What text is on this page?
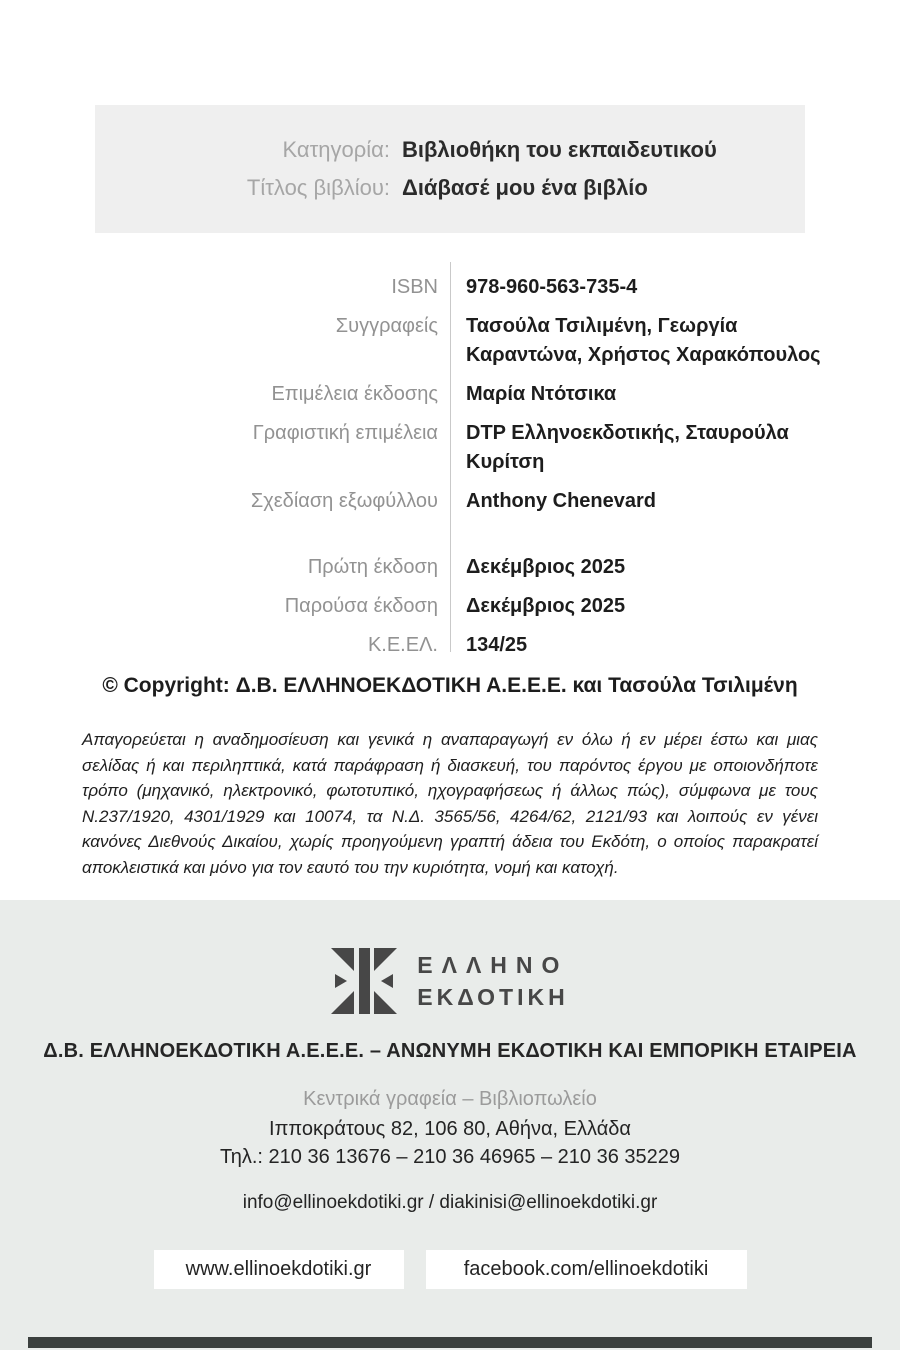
Κατηγορία: Βιβλιοθήκη του εκπαιδευτικού
Τίτλος βιβλίου: Διάβασέ μου ένα βιβλίο
ISBN 978-960-563-735-4
Συγγραφείς Τασούλα Τσιλιμένη, Γεωργία Καραντώνα, Χρήστος Χαρακόπουλος
Επιμέλεια έκδοσης Μαρία Ντότσικα
Γραφιστική επιμέλεια DTP Ελληνοεκδοτικής, Σταυρούλα Κυρίτση
Σχεδίαση εξωφύλλου Anthony Chenevard
Πρώτη έκδοση Δεκέμβριος 2025
Παρούσα έκδοση Δεκέμβριος 2025
Κ.Ε.ΕΛ. 134/25

© Copyright: Δ.Β. ΕΛΛΗΝΟΕΚΔΟΤΙΚΗ Α.Ε.Ε.Ε. και Τασούλα Τσιλιμένη

Απαγορεύεται η αναδημοσίευση και γενικά η αναπαραγωγή εν όλω ή εν μέρει έστω και μιας σελίδας ή και περιληπτικά, κατά παράφραση ή διασκευή, του παρόντος έργου με οποιονδήποτε τρόπο (μηχανικό, ηλεκτρονικό, φωτοτυπικό, ηχογραφήσεως ή άλλως πώς), σύμφωνα με τους Ν.237/1920, 4301/1929 και 10074, τα Ν.Δ. 3565/56, 4264/62, 2121/93 και λοιπούς εν γένει κανόνες Διεθνούς Δικαίου, χωρίς προηγούμενη γραπτή άδεια του Εκδότη, ο οποίος παρακρατεί αποκλειστικά και μόνο για τον εαυτό του την κυριότητα, νομή και κατοχή.

ΕΛΛΗΝΟ
ΕΚΔΟΤΙΚΗ
Δ.Β. ΕΛΛΗΝΟΕΚΔΟΤΙΚΗ Α.Ε.Ε.Ε. – ΑΝΩΝΥΜΗ ΕΚΔΟΤΙΚΗ ΚΑΙ ΕΜΠΟΡΙΚΗ ΕΤΑΙΡΕΙΑ
Κεντρικά γραφεία – Βιβλιοπωλείο
Ιπποκράτους 82, 106 80, Αθήνα, Ελλάδα
Τηλ.: 210 36 13676 – 210 36 46965 – 210 36 35229
info@ellinoekdotiki.gr / diakinisi@ellinoekdotiki.gr
www.ellinoekdotiki.gr	facebook.com/ellinoekdotiki
